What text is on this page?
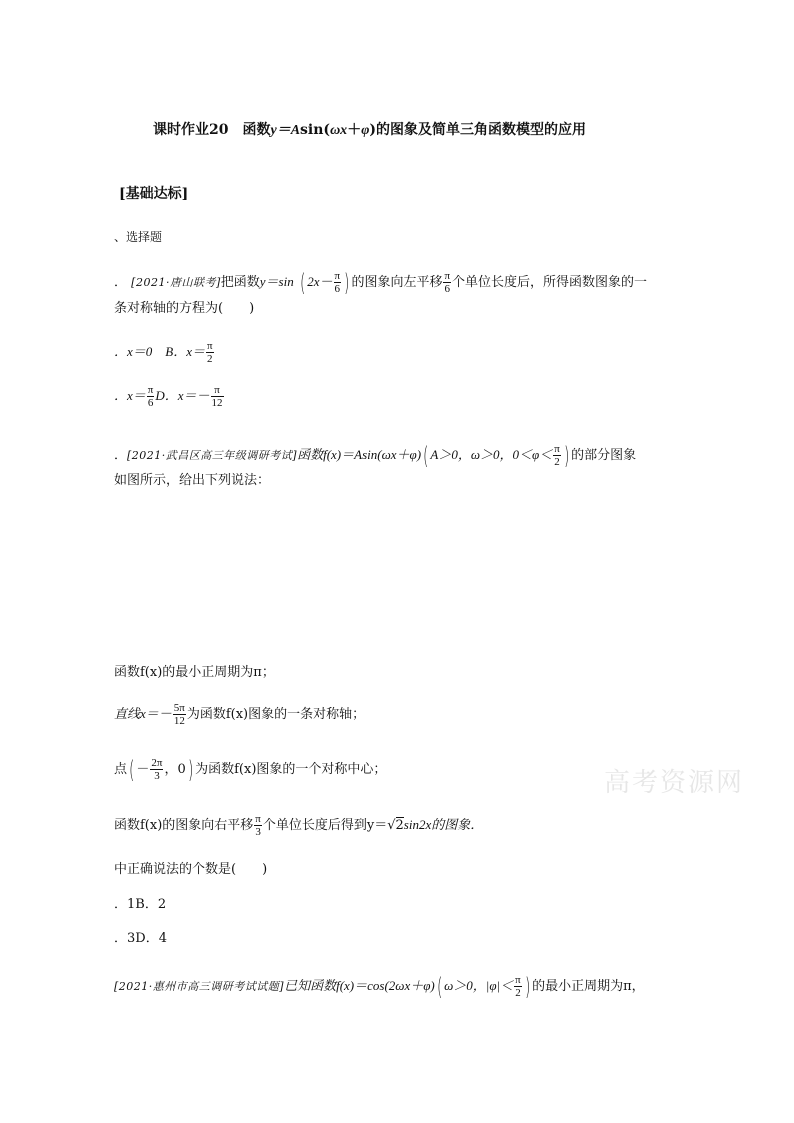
课时作业20　函数y＝Asin(ωx＋φ)的图象及简单三角函数模型的应用
[基础达标]
、选择题
． [2021·唐山联考]把函数y＝sin ( $2x- \frac{\pi}{6}$ ) 的图象向左平移 $\frac{\pi}{6}$ 个单位长度后，所得函数图象的一
条对称轴的方程为(　　)
．x＝0　B．$x= \frac{\pi}{2}$
．$x= \frac{\pi}{6}$ D．$x=- \frac{\pi}{12}$
．[2021·武昌区高三年级调研考试]函数f(x)＝Asin(ωx＋φ)( A＞0，ω＞0，$0<\varphi< \frac{\pi}{2}$ ) 的部分图象
如图所示，给出下列说法：
函数f(x)的最小正周期为π；
直线$x=- \frac{5\pi}{12}$ 为函数f(x)图象的一条对称轴；
点( － $\frac{2\pi}{3}$ ，0) 为函数f(x)图象的一个对称中心；	高考资源网
函数f(x)的图象向右平移 $\frac{\pi}{3}$ 个单位长度后得到y＝√2sin2x的图象．
中正确说法的个数是(　　)
．1B．2
．3D．4
[2021·惠州市高三调研考试试题]已知函数f(x)＝cos(2ωx＋φ)( ω＞0，$|\varphi|< \frac{\pi}{2}$ ) 的最小正周期为π，
